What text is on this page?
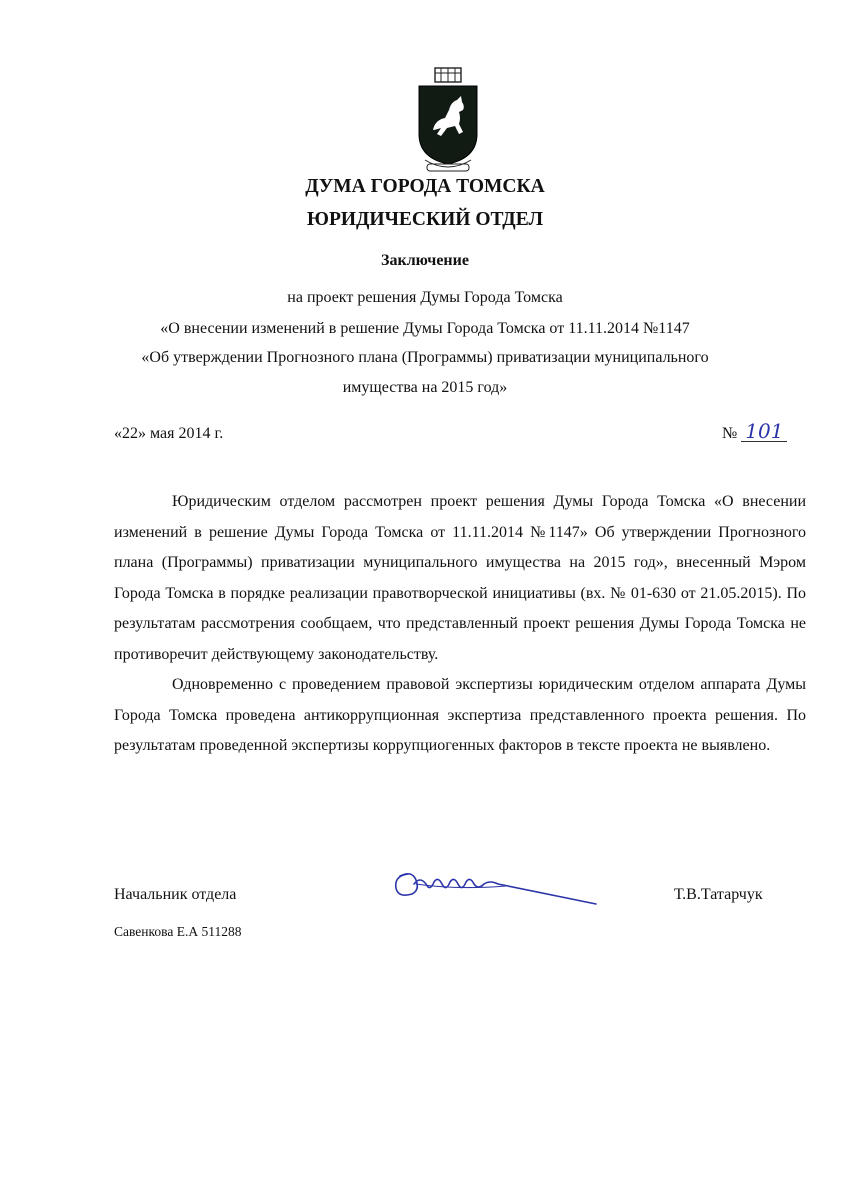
ДУМА ГОРОДА ТОМСКА
ЮРИДИЧЕСКИЙ ОТДЕЛ
Заключение
на проект решения Думы Города Томска
«О внесении изменений в решение Думы Города Томска от 11.11.2014 №1147
«Об утверждении Прогнозного плана (Программы) приватизации муниципального
имущества на 2015 год»
«22» мая 2014 г.	№ 101

Юридическим отделом рассмотрен проект решения Думы Города Томска «О внесении изменений в решение Думы Города Томска от 11.11.2014 №1147» Об утверждении Прогнозного плана (Программы) приватизации муниципального имущества на 2015 год», внесенный Мэром Города Томска в порядке реализации правотворческой инициативы (вх. № 01-630 от 21.05.2015). По результатам рассмотрения сообщаем, что представленный проект решения Думы Города Томска не противоречит действующему законодательству.

Одновременно с проведением правовой экспертизы юридическим отделом аппарата Думы Города Томска проведена антикоррупционная экспертиза представленного проекта решения. По результатам проведенной экспертизы коррупциогенных факторов в тексте проекта не выявлено.

Начальник отдела	Т.В.Татарчук
Савенкова Е.А 511288
